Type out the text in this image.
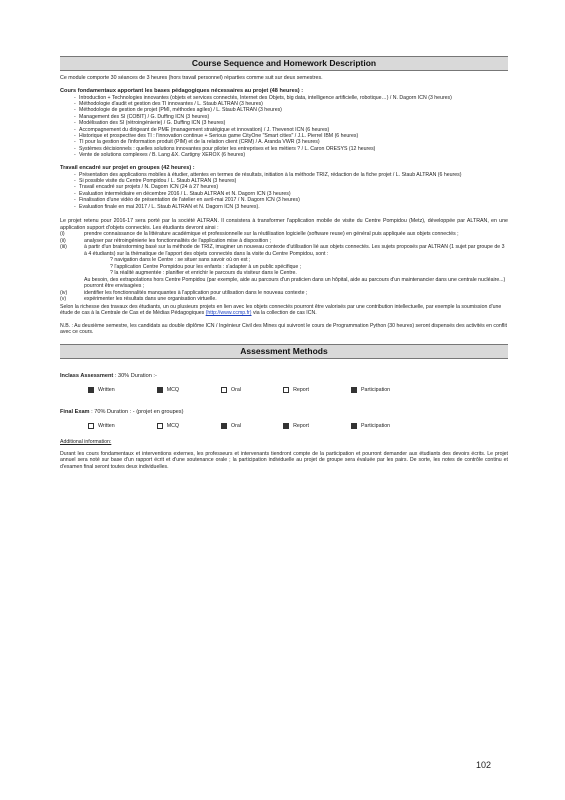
Course Sequence and Homework Description
Ce module comporte 30 séances de 3 heures (hors travail personnel) réparties comme suit sur deux semestres.
Cours fondamentaux apportant les bases pédagogiques nécessaires au projet (48 heures) :
- Introduction + Technologies innovantes (objets et services connectés, Internet des Objets, big data, intelligence artificielle, robotique…) / N. Dagorn ICN (3 heures)
- Méthodologie d'audit et gestion des TI innovantes / L. Staub ALTRAN (3 heures)
- Méthodologie de gestion de projet (PMI, méthodes agiles) / L. Staub ALTRAN (3 heures)
- Management des SI (COBIT) / G. Duffing ICN (3 heures)
- Modélisation des SI (rétroingénierie) / G. Duffing ICN (3 heures)
- Accompagnement du dirigeant de PME (management stratégique et innovation) / J. Thevenot ICN (6 heures)
- Historique et prospective des TI : l'innovation continue + Serious game CityOne "Smart cities" / J.L. Pierrel IBM (6 heures)
- TI pour la gestion de l'information produit (PIM) et de la relation client (CRM) / A. Aranda VWR (3 heures)
- Systèmes décisionnels : quelles solutions innovantes pour piloter les entreprises et les métiers ? / L. Caron ORESYS (12 heures)
- Vente de solutions complexes / B. Lang &X. Cartigny XEROX (6 heures)
Travail encadré sur projet en groupes (42 heures) :
- Présentation des applications mobiles à étudier, attentes en termes de résultats, initiation à la méthode TRIZ, rédaction de la fiche projet / L. Staub ALTRAN (6 heures)
- Si possible visite du Centre Pompidou / L. Staub ALTRAN (3 heures)
- Travail encadré sur projets / N. Dagorn ICN (24 à 27 heures)
- Evaluation intermédiaire en décembre 2016 / L. Staub ALTRAN et N. Dagorn ICN (3 heures)
- Finalisation d'une vidéo de présentation de l'atelier en avril-mai 2017 / N. Dagorn ICN (3 heures)
- Evaluation finale en mai 2017 / L. Staub ALTRAN et N. Dagorn ICN (3 heures).
Le projet retenu pour 2016-17 sera porté par la société ALTRAN. Il consistera à transformer l'application mobile de visite du Centre Pompidou (Metz), développée par ALTRAN, en une application support d'objets connectés. Les étudiants devront ainsi :
(i)	prendre connaissance de la littérature académique et professionnelle sur la réutilisation logicielle (software reuse) en général puis appliquée aux objets connectés ;
(ii)	analyser par rétroingénierie les fonctionnalités de l'application mise à disposition ;
(iii)	à partir d'un brainstorming basé sur la méthode de TRIZ, imaginer un nouveau contexte d'utilisation lié aux objets connectés. Les sujets proposés par ALTRAN (1 sujet par groupe de 3 à 4 étudiants) sur la thématique de l'apport des objets connectés dans la visite du Centre Pompidou, sont :
? navigation dans le Centre : se situer sans savoir où on est ;
? l'application Centre Pompidou pour les enfants : s'adapter à un public spécifique ;
? la réalité augmentée : planifier et enrichir le parcours du visiteur dans le Centre.
Au besoin, des extrapolations hors Centre Pompidou (par exemple, aide au parcours d'un praticien dans un hôpital, aide au parcours d'un maintenancier dans une centrale nucléaire...) pourront être envisagées ;
(iv)	identifier les fonctionnalités manquantes à l'application pour utilisation dans le nouveau contexte ;
(v)	expérimenter les résultats dans une organisation virtuelle.
Selon la richesse des travaux des étudiants, un ou plusieurs projets en lien avec les objets connectés pourront être valorisés par une contribution intellectuelle, par exemple la soumission d'une étude de cas à la Centrale de Cas et de Médias Pédagogiques (http://www.ccmp.fr) via la collection de cas ICN.
N.B. : Au deuxième semestre, les candidats au double diplôme ICN / Ingénieur Civil des Mines qui suivront le cours de Programmation Python (30 heures) seront dispensés des activités en conflit avec ce cours.
Assessment Methods
Inclass Assessment : 30% Duration :-
Written	MCQ	Oral	Report	Participation
Final Exam : 70% Duration : - (projet en groupes)
Written	MCQ	Oral	Report	Participation
Additional information:
Durant les cours fondamentaux et interventions externes, les professeurs et intervenants tiendront compte de la participation et pourront demander aux étudiants des devoirs écrits. Le projet annuel sera noté sur base d'un rapport écrit et d'une soutenance orale ; la participation individuelle au projet de groupe sera évaluée par les pairs. De sorte, les notes de contrôle continu et d'examen final seront toutes deux individuelles.
102
